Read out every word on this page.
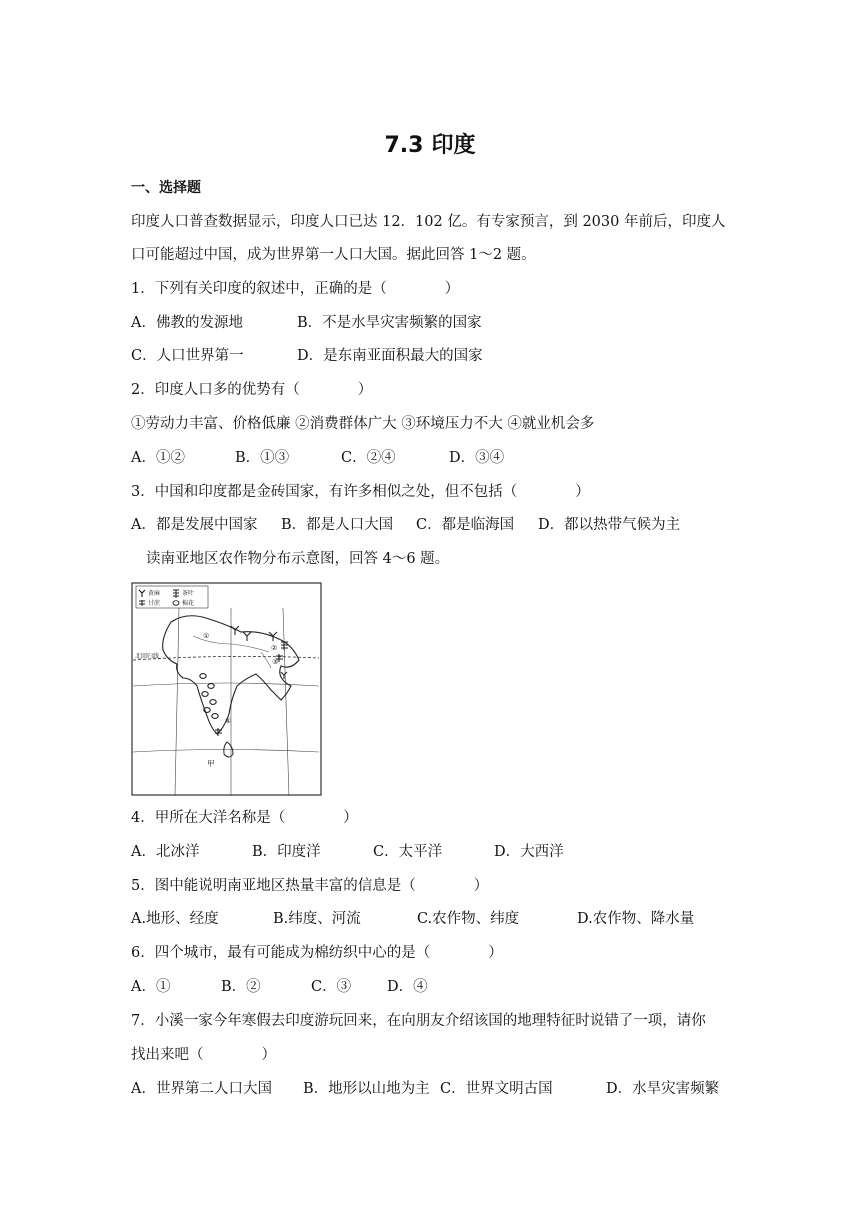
7.3 印度
一、选择题
印度人口普查数据显示，印度人口已达 12．102 亿。有专家预言，到 2030 年前后，印度人
口可能超过中国，成为世界第一人口大国。据此回答 1～2 题。
1．下列有关印度的叙述中，正确的是（　　　　）
A．佛教的发源地	B．不是水旱灾害频繁的国家
C．人口世界第一	D．是东南亚面积最大的国家
2．印度人口多的优势有（　　　　）
①劳动力丰富、价格低廉 ②消费群体广大 ③环境压力不大 ④就业机会多
A．①②	B．①③	C．②④	D．③④
3．中国和印度都是金砖国家，有许多相似之处，但不包括（　　　　）
A．都是发展中国家 B．都是人口大国 C．都是临海国 D．都以热带气候为主
读南亚地区农作物分布示意图，回答 4～6 题。
黄麻	茶叶
甘蔗	棉花
北回归线
①
②
③
④
甲
4．甲所在大洋名称是（　　　　）
A．北冰洋	B．印度洋	C．太平洋	D．大西洋
5．图中能说明南亚地区热量丰富的信息是（　　　　）
A.地形、经度	B.纬度、河流	C.农作物、纬度	D.农作物、降水量
6．四个城市，最有可能成为棉纺织中心的是（　　　　）
A．①	B．②	C．③ D．④
7．小溪一家今年寒假去印度游玩回来，在向朋友介绍该国的地理特征时说错了一项，请你
找出来吧（　　　　）
A．世界第二人口大国 B．地形以山地为主 C．世界文明古国	D．水旱灾害频繁
